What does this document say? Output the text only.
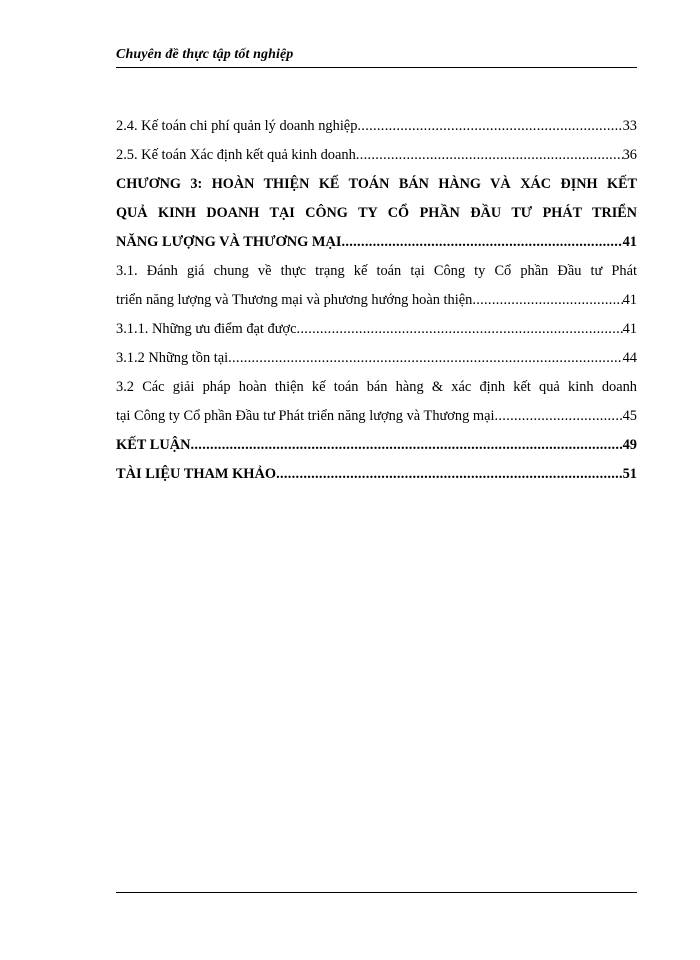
Chuyên đề thực tập tốt nghiệp
2.4. Kế toán chi phí quản lý doanh nghiệp .....	33
2.5. Kế toán Xác định kết quả kinh doanh .....	36
CHƯƠNG 3: HOÀN THIỆN KẾ TOÁN BÁN HÀNG VÀ XÁC ĐỊNH KẾT
QUẢ KINH DOANH TẠI CÔNG TY CỔ PHẦN ĐẦU TƯ PHÁT TRIỂN
NĂNG LƯỢNG VÀ THƯƠNG MẠI .....	41
3.1. Đánh giá chung về thực trạng kế toán tại Công ty Cổ phần Đầu tư Phát
triển năng lượng và Thương mại và phương hướng hoàn thiện .....	41
3.1.1. Những ưu điểm đạt được .....	41
3.1.2 Những tồn tại .....	44
3.2 Các giải pháp hoàn thiện kế toán bán hàng & xác định kết quả kinh doanh
tại Công ty Cổ phần Đầu tư Phát triển năng lượng và Thương mại .....	45
KẾT LUẬN .....	49
TÀI LIỆU THAM KHẢO .....	51
